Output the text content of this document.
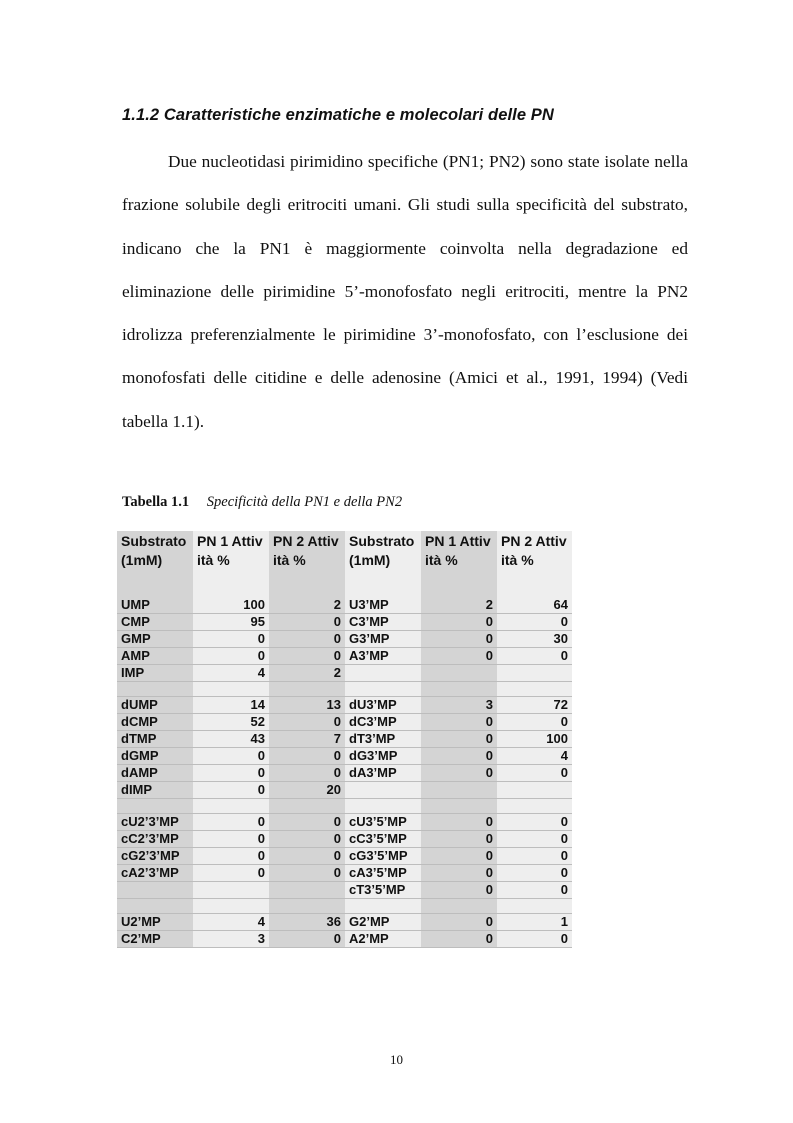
1.1.2 Caratteristiche enzimatiche e molecolari delle PN

Due nucleotidasi pirimidino specifiche (PN1; PN2) sono state isolate nella frazione solubile degli eritrociti umani. Gli studi sulla specificità del substrato, indicano che la PN1 è maggiormente coinvolta nella degradazione ed eliminazione delle pirimidine 5’-monofosfato negli eritrociti, mentre la PN2 idrolizza preferenzialmente le pirimidine 3’-monofosfato, con l’esclusione dei monofosfati delle citidine e delle adenosine (Amici et al., 1991, 1994) (Vedi tabella 1.1).

Tabella 1.1 Specificità della PN1 e della PN2
Substrato (1mM)	PN 1 Attività %	PN 2 Attività %	Substrato (1mM)	PN 1 Attività %	PN 2 Attività %
UMP	100	2	U3’MP	2	64
CMP	95	0	C3’MP	0	0
GMP	0	0	G3’MP	0	30
AMP	0	0	A3’MP	0	0
IMP	4	2			

dUMP	14	13	dU3’MP	3	72
dCMP	52	0	dC3’MP	0	0
dTMP	43	7	dT3’MP	0	100
dGMP	0	0	dG3’MP	0	4
dAMP	0	0	dA3’MP	0	0
dIMP	0	20			

cU2’3’MP	0	0	cU3’5’MP	0	0
cC2’3’MP	0	0	cC3’5’MP	0	0
cG2’3’MP	0	0	cG3’5’MP	0	0
cA2’3’MP	0	0	cA3’5’MP	0	0
			cT3’5’MP	0	0

U2’MP	4	36	G2’MP	0	1
C2’MP	3	0	A2’MP	0	0
10
